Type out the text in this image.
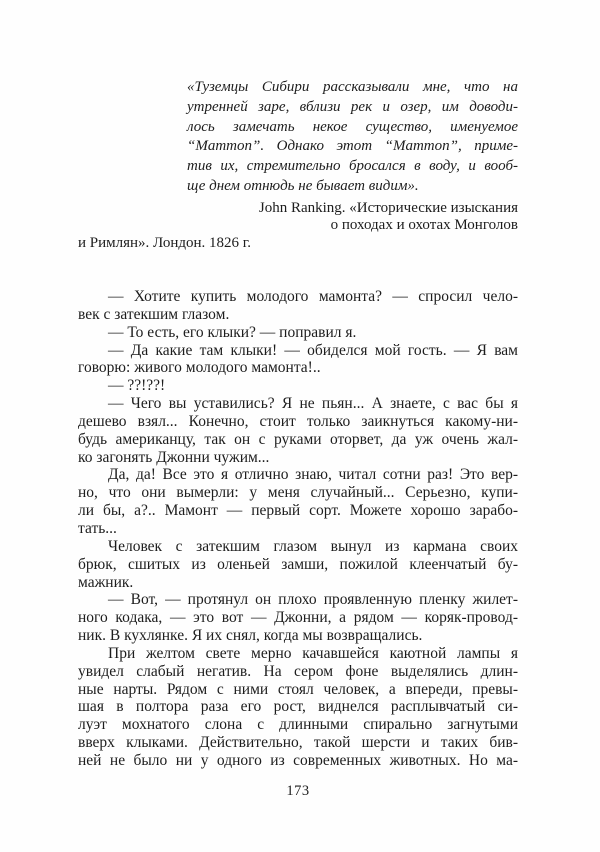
«Туземцы Сибири рассказывали мне, что на
утренней заре, вблизи рек и озер, им доводи-
лось замечать некое существо, именуемое
“Mammon”. Однако этот “Mammon”, приме-
тив их, стремительно бросался в воду, и вооб-
ще днем отнюдь не бывает видим».
John Ranking. «Исторические изыскания
о походах и охотах Монголов
и Римлян». Лондон. 1826 г.
— Хотите купить молодого мамонта? — спросил чело-
век с затекшим глазом.
— То есть, его клыки? — поправил я.
— Да какие там клыки! — обиделся мой гость. — Я вам
говорю: живого молодого мамонта!..
— ??!??!
— Чего вы уставились? Я не пьян... А знаете, с вас бы я
дешево взял... Конечно, стоит только заикнуться какому-ни-
будь американцу, так он с руками оторвет, да уж очень жал-
ко загонять Джонни чужим...
Да, да! Все это я отлично знаю, читал сотни раз! Это вер-
но, что они вымерли: у меня случайный... Серьезно, купи-
ли бы, а?.. Мамонт — первый сорт. Можете хорошо зарабо-
тать...
Человек с затекшим глазом вынул из кармана своих
брюк, сшитых из оленьей замши, пожилой клеенчатый бу-
мажник.
— Вот, — протянул он плохо проявленную пленку жилет-
ного кодака, — это вот — Джонни, а рядом — коряк-провод-
ник. В кухлянке. Я их снял, когда мы возвращались.
При желтом свете мерно качавшейся каютной лампы я
увидел слабый негатив. На сером фоне выделялись длин-
ные нарты. Рядом с ними стоял человек, а впереди, превы-
шая в полтора раза его рост, виднелся расплывчатый си-
луэт мохнатого слона с длинными спирально загнутыми
вверх клыками. Действительно, такой шерсти и таких бив-
ней не было ни у одного из современных животных. Но ма-
173
